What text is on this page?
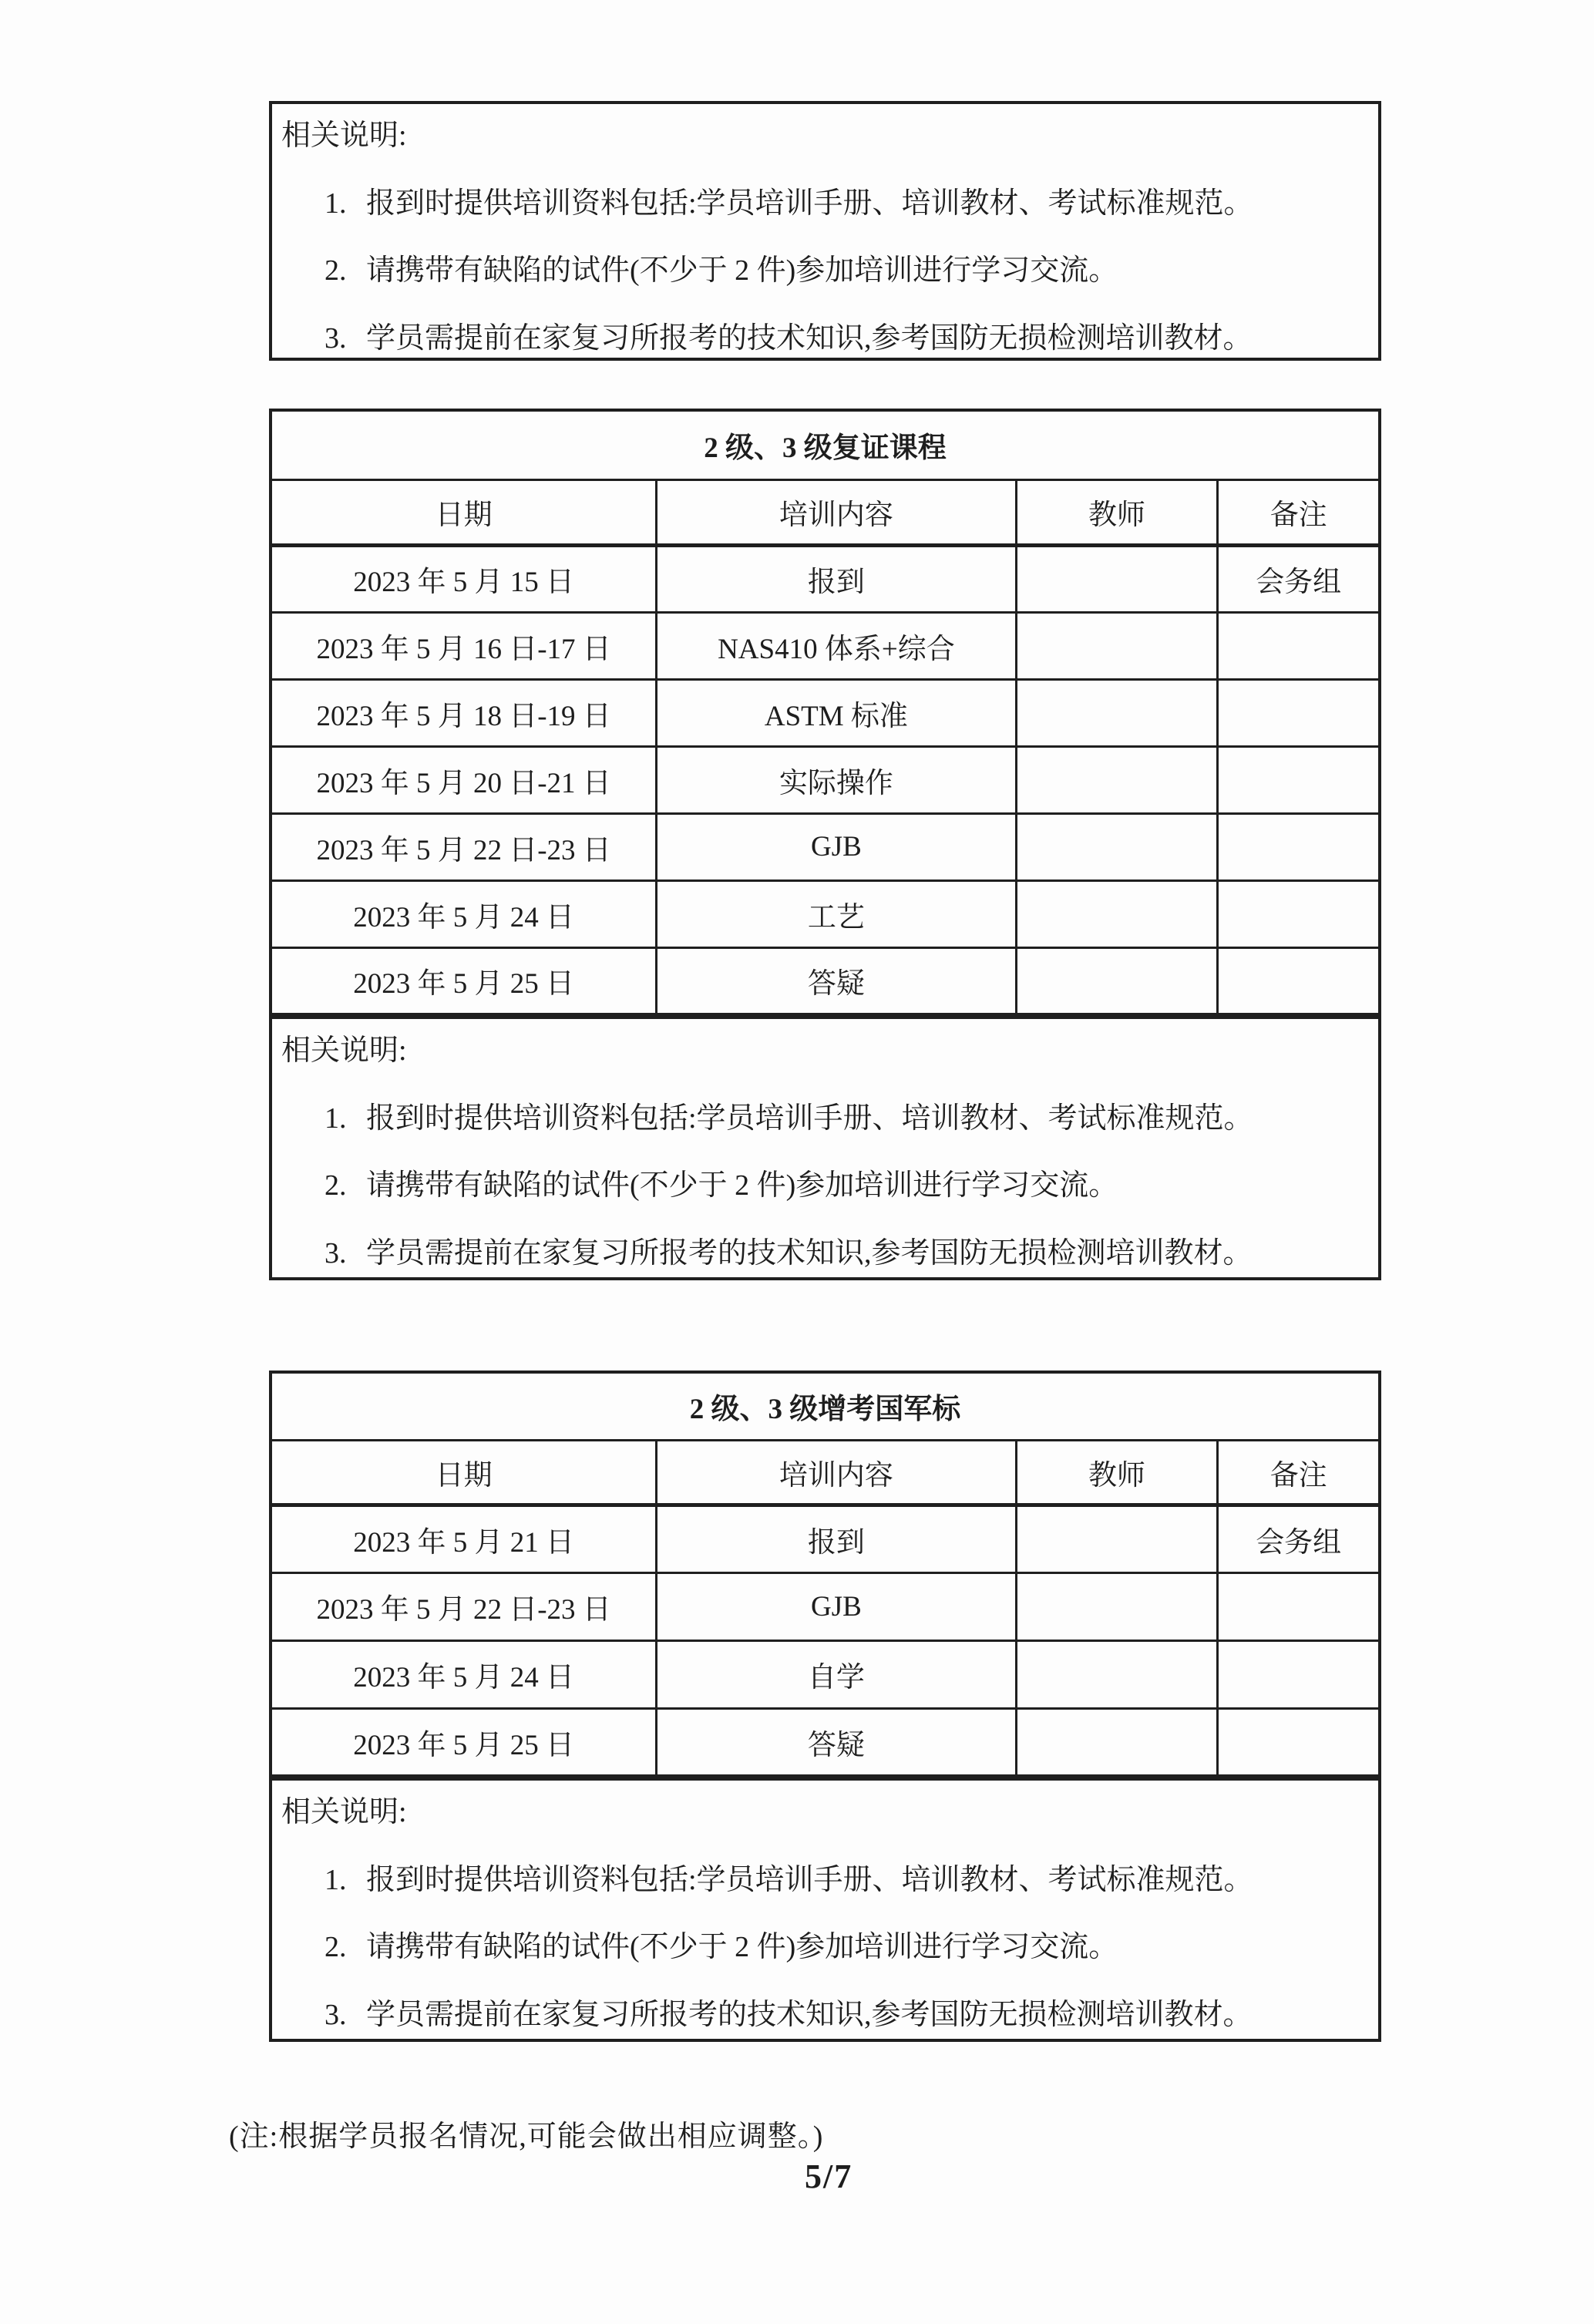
相关说明:
1. 报到时提供培训资料包括:学员培训手册、培训教材、考试标准规范。
2. 请携带有缺陷的试件(不少于 2 件)参加培训进行学习交流。
3. 学员需提前在家复习所报考的技术知识,参考国防无损检测培训教材。
2 级、3 级复证课程			
日期	培训内容	教师	备注
2023 年 5 月 15 日	报到		会务组
2023 年 5 月 16 日-17 日	NAS410 体系+综合		
2023 年 5 月 18 日-19 日	ASTM 标准		
2023 年 5 月 20 日-21 日	实际操作		
2023 年 5 月 22 日-23 日	GJB		
2023 年 5 月 24 日	工艺		
2023 年 5 月 25 日	答疑		
相关说明:
1. 报到时提供培训资料包括:学员培训手册、培训教材、考试标准规范。
2. 请携带有缺陷的试件(不少于 2 件)参加培训进行学习交流。
3. 学员需提前在家复习所报考的技术知识,参考国防无损检测培训教材。
2 级、3 级增考国军标			
日期	培训内容	教师	备注
2023 年 5 月 21 日	报到		会务组
2023 年 5 月 22 日-23 日	GJB		
2023 年 5 月 24 日	自学		
2023 年 5 月 25 日	答疑		
相关说明:
1. 报到时提供培训资料包括:学员培训手册、培训教材、考试标准规范。
2. 请携带有缺陷的试件(不少于 2 件)参加培训进行学习交流。
3. 学员需提前在家复习所报考的技术知识,参考国防无损检测培训教材。
(注:根据学员报名情况,可能会做出相应调整。)
5/7
